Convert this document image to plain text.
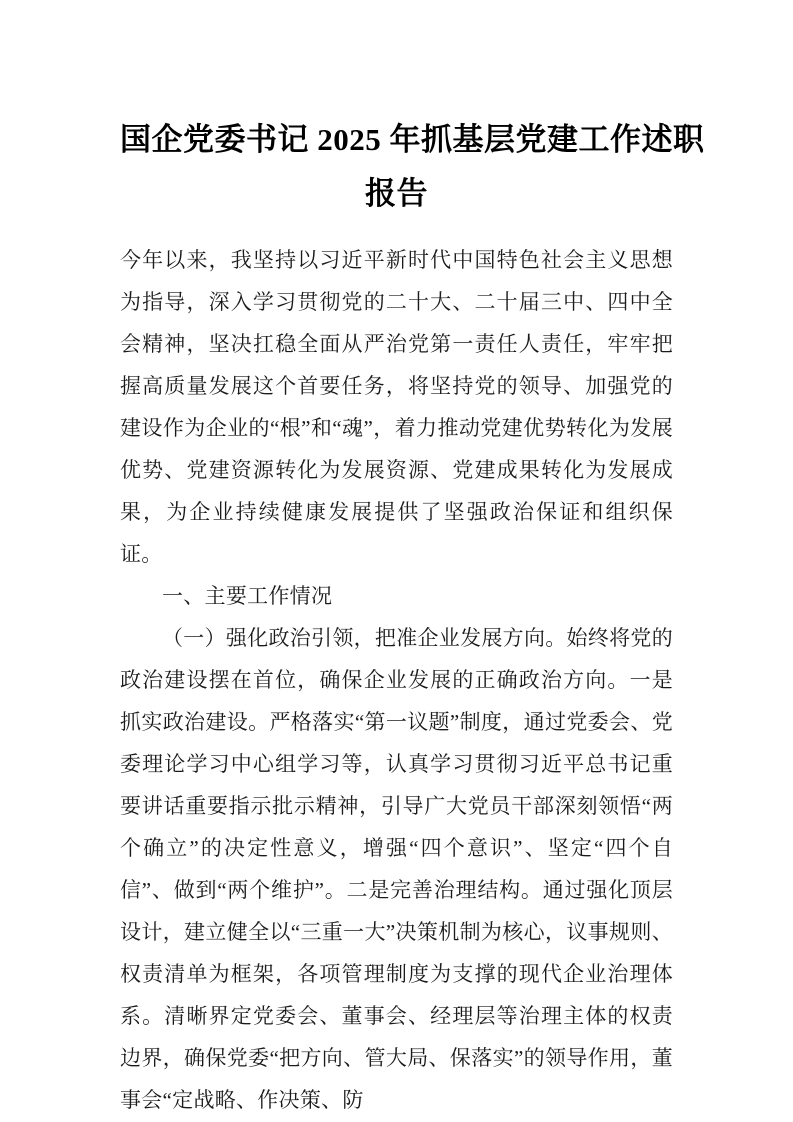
国企党委书记 2025 年抓基层党建工作述职
报告

今年以来，我坚持以习近平新时代中国特色社会主义思想为指导，深入学习贯彻党的二十大、二十届三中、四中全会精神，坚决扛稳全面从严治党第一责任人责任，牢牢把握高质量发展这个首要任务，将坚持党的领导、加强党的建设作为企业的“根”和“魂”，着力推动党建优势转化为发展优势、党建资源转化为发展资源、党建成果转化为发展成果，为企业持续健康发展提供了坚强政治保证和组织保证。

一、主要工作情况

（一）强化政治引领，把准企业发展方向。始终将党的政治建设摆在首位，确保企业发展的正确政治方向。一是抓实政治建设。严格落实“第一议题”制度，通过党委会、党委理论学习中心组学习等，认真学习贯彻习近平总书记重要讲话重要指示批示精神，引导广大党员干部深刻领悟“两个确立”的决定性意义，增强“四个意识”、坚定“四个自信”、做到“两个维护”。二是完善治理结构。通过强化顶层设计，建立健全以“三重一大”决策机制为核心，议事规则、权责清单为框架，各项管理制度为支撑的现代企业治理体系。清晰界定党委会、董事会、经理层等治理主体的权责边界，确保党委“把方向、管大局、保落实”的领导作用，董事会“定战略、作决策、防
